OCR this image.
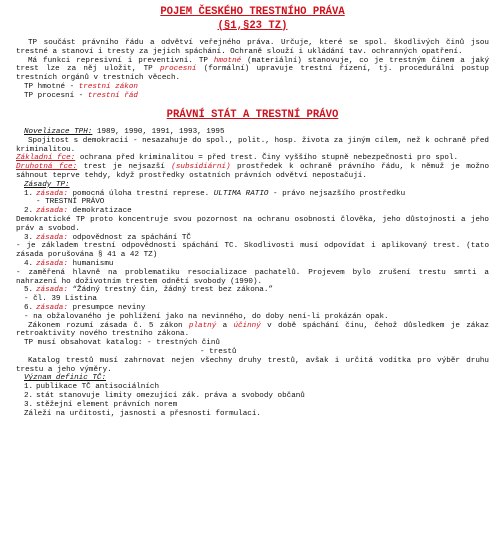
POJEM ČESKÉHO TRESTNÍHO PRÁVA

(§1,§23 TZ)

TP součást právního řádu a odvětví veřejného práva. Určuje, které se spol. škodlivých činů jsou trestné a stanoví i tresty za jejich spáchání. Ochraně slouží i ukládání tav. ochranných opatření.

Má funkci represivní i preventivní. TP hmotné (materiální) stanovuje, co je trestným činem a jaký trest lze za něj uložit, TP procesní (formální) upravuje trestní řízení, tj. procedurální postup trestních orgánů v trestních věcech.

TP hmotné - trestní zákon

TP procesní - trestní řád

PRÁVNÍ STÁT A TRESTNÍ PRÁVO

Novelizace TPH: 1989, 1990, 1991, 1993, 1995

Spojitost s demokracií - nesazahuje do spol., polit., hosp. života za jiným cílem, než k ochraně před kriminalitou.

Základní fce: ochrana před kriminalitou = před trest. Činy vyššího stupně nebezpečnosti pro spol.

Druhotná fce: trest je nejsazší (subsidiární) prostředek k ochraně právního řádu, k němuž je možno sáhnout teprve tehdy, když prostředky ostatních právních odvětví nepostačují.

Zásady TP:

1. zásada: pomocná úloha trestní represe. ULTIMA RATIO - právo nejsazšího prostředku
- TRESTNÍ PRÁVO
2. zásada: demokratizace

Demokratické TP proto koncentruje svou pozornost na ochranu osobnosti člověka, jeho důstojnosti a jeho práv a svobod.

3. zásada: odpovědnost za spáchání TČ

- je základem trestní odpovědnosti spáchání TC. Skodlivosti musí odpovídat i aplikovaný trest. (tato zásada porušována § 41 a 42 TZ)

4. zásada: humanismu

- zaměřená hlavně na problematiku resocializace pachatelů. Projevem bylo zrušení trestu smrti a nahrazení ho doživotním trestem odnětí svobody (1990).

5. zásada: “Žádný trestný čin, žádný trest bez zákona.”

- čl. 39 Listina

6. zásada: presumpce neviny

- na obžalovaného je pohlížení jako na nevinného, do doby není-li prokázán opak.

Zákonem rozumí zásada č. 5 zákon platný a účinný v době spáchání činu, čehož důsledkem je zákaz retroaktivity nového trestního zákona.

TP musí obsahovat katalog: - trestných činů

- trestů

Katalog trestů musí zahrnovat nejen všechny druhy trestů, avšak i určitá vodítka pro výběr druhu trestu a jeho výměry.

Význam definic TČ:

1. publikace TČ antisociálních
2. stát stanovuje limity omezující zák. práva a svobody občanů
3. stěžejní element právních norem

Záleží na určitosti, jasnosti a přesnosti formulací.
